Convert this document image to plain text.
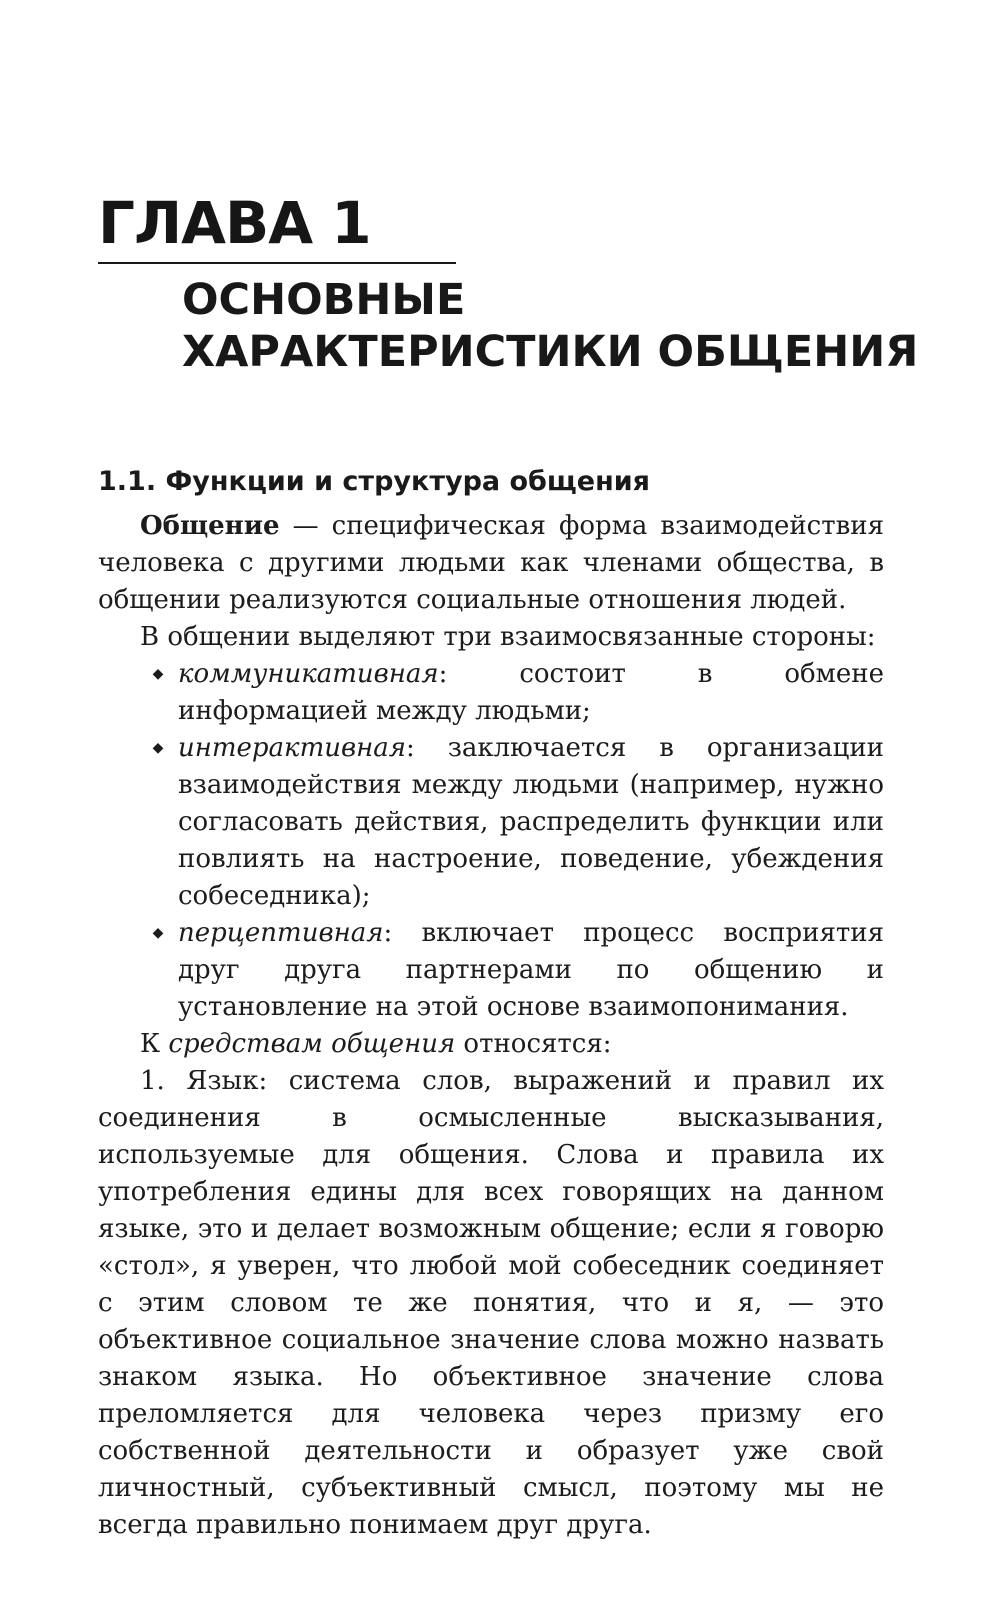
ГЛАВА 1
ОСНОВНЫЕ
ХАРАКТЕРИСТИКИ ОБЩЕНИЯ
1.1. Функции и структура общения

Общение — специфическая форма взаимодействия человека с другими людьми как членами общества, в общении реализуются социальные отношения людей.

В общении выделяют три взаимосвязанные стороны:

◆ коммуникативная: состоит в обмене информацией между людьми;
◆ интерактивная: заключается в организации взаимодействия между людьми (например, нужно согласовать действия, распределить функции или повлиять на настроение, поведение, убеждения собеседника);
◆ перцептивная: включает процесс восприятия друг друга партнерами по общению и установление на этой основе взаимопонимания.

К средствам общения относятся:

1. Язык: система слов, выражений и правил их соединения в осмысленные высказывания, используемые для общения. Слова и правила их употребления едины для всех говорящих на данном языке, это и делает возможным общение; если я говорю «стол», я уверен, что любой мой собеседник соединяет с этим словом те же понятия, что и я, — это объективное социальное значение слова можно назвать знаком языка. Но объективное значение слова преломляется для человека через призму его собственной деятельности и образует уже свой личностный, субъективный смысл, поэтому мы не всегда правильно понимаем друг друга.
